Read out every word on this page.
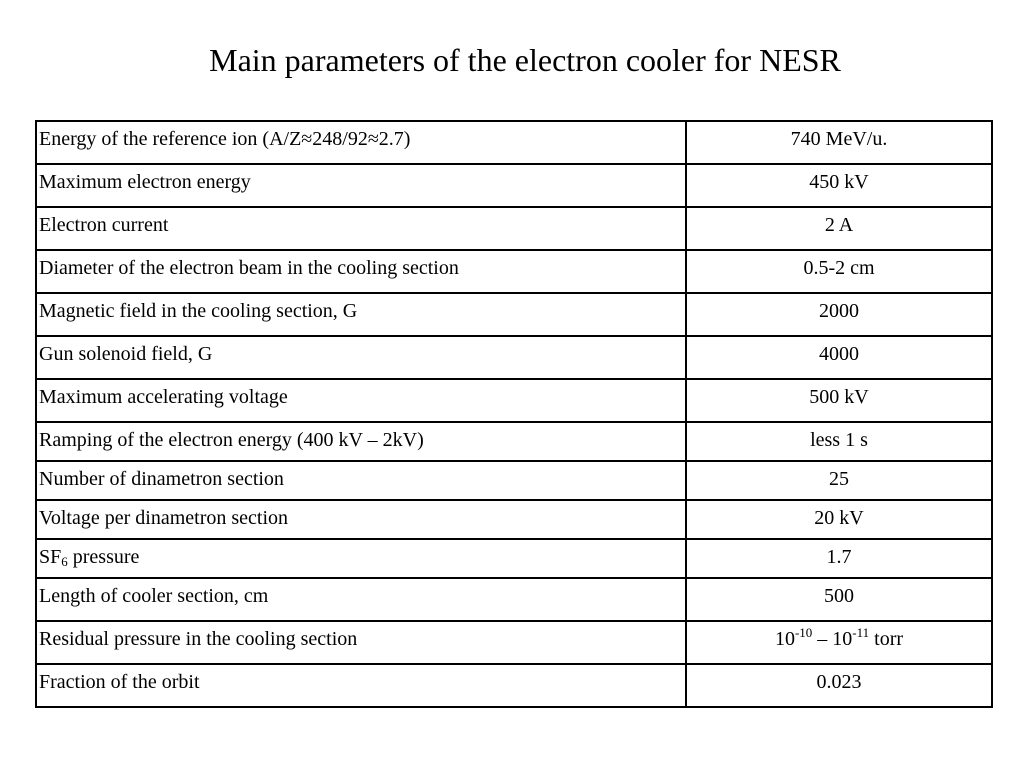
Main parameters of the electron cooler for NESR
Energy of the reference ion (A/Z≈248/92≈2.7)	740 MeV/u.
Maximum electron energy	450 kV
Electron current	2 A
Diameter of the electron beam in the cooling section	0.5-2 cm
Magnetic field in the cooling section, G	2000
Gun solenoid field, G	4000
Maximum accelerating voltage	500 kV
Ramping of the electron energy (400 kV – 2kV)	less 1 s
Number of dinametron section	25
Voltage per dinametron section	20 kV
$SF_6$ pressure	1.7
Length of cooler section, cm	500
Residual pressure in the cooling section	$10^{-10} - 10^{-11}$ torr
Fraction of the orbit	0.023
